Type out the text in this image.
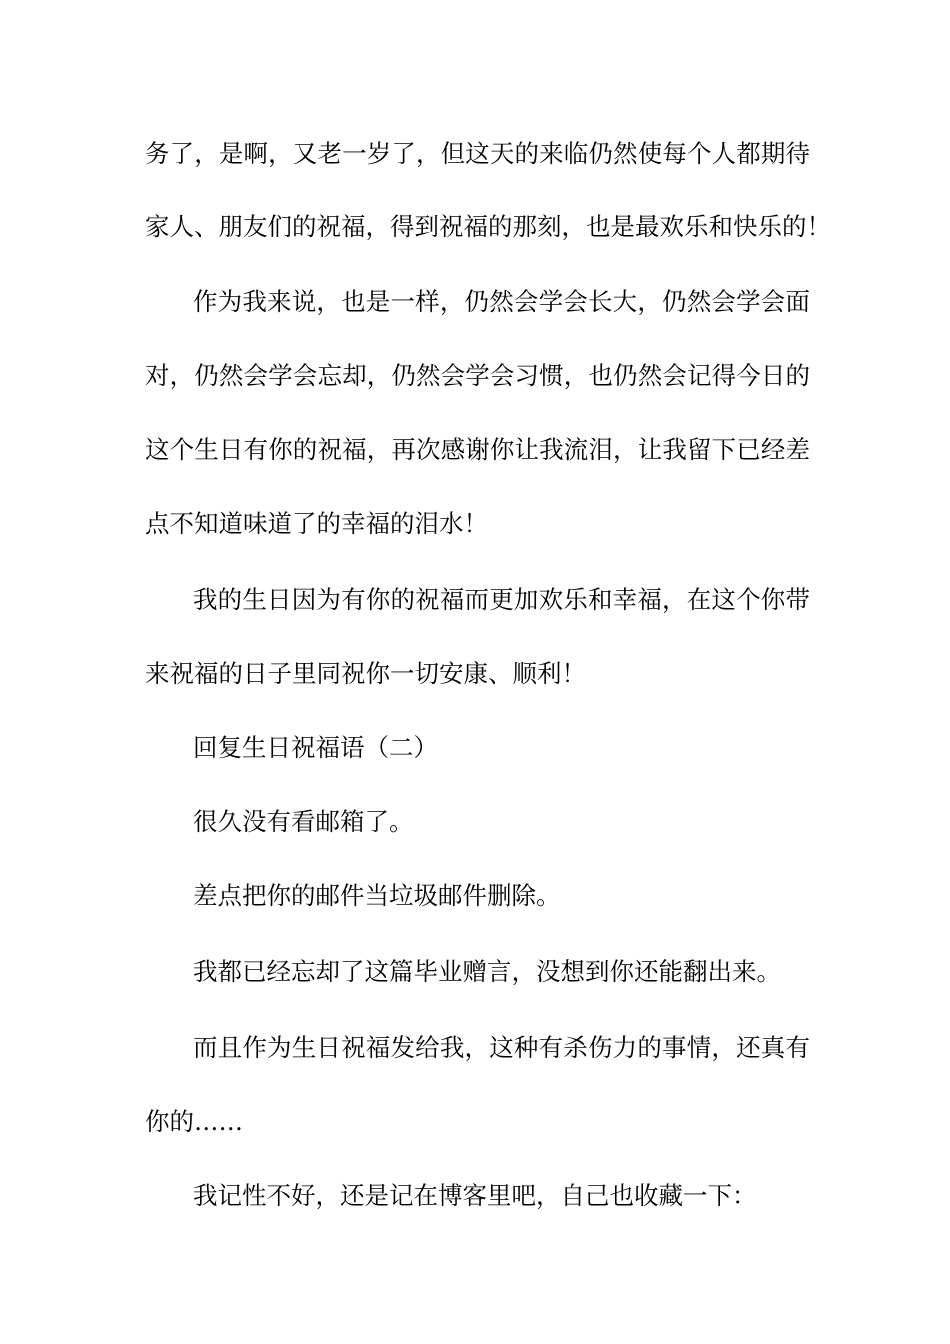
务了，是啊，又老一岁了，但这天的来临仍然使每个人都期待
家人、朋友们的祝福，得到祝福的那刻，也是最欢乐和快乐的！
作为我来说，也是一样，仍然会学会长大，仍然会学会面
对，仍然会学会忘却，仍然会学会习惯，也仍然会记得今日的
这个生日有你的祝福，再次感谢你让我流泪，让我留下已经差
点不知道味道了的幸福的泪水！
我的生日因为有你的祝福而更加欢乐和幸福，在这个你带
来祝福的日子里同祝你一切安康、顺利！
回复生日祝福语（二）
很久没有看邮箱了。
差点把你的邮件当垃圾邮件删除。
我都已经忘却了这篇毕业赠言，没想到你还能翻出来。
而且作为生日祝福发给我，这种有杀伤力的事情，还真有
你的……
我记性不好，还是记在博客里吧，自己也收藏一下：
